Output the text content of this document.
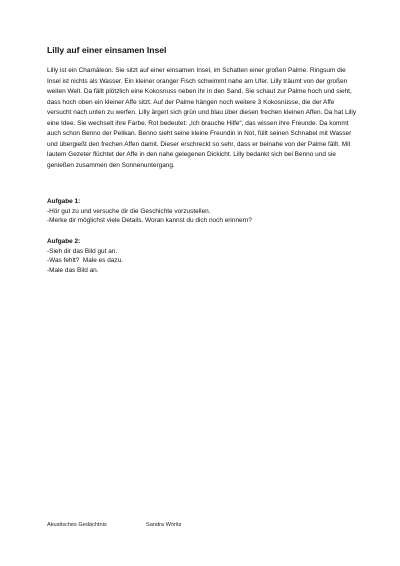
Lilly auf einer einsamen Insel

Lilly ist ein Chamäleon. Sie sitzt auf einer einsamen Insel, im Schatten einer großen Palme. Ringsum die Insel ist nichts als Wasser. Ein kleiner oranger Fisch schwimmt nahe am Ufer. Lilly träumt von der großen weiten Welt. Da fällt plötzlich eine Kokosnuss neben ihr in den Sand. Sie schaut zur Palme hoch und sieht, dass hoch oben ein kleiner Affe sitzt. Auf der Palme hängen noch weitere 3 Kokosnüsse, die der Affe versucht nach unten zu werfen. Lilly ärgert sich grün und blau über diesen frechen kleinen Affen. Da hat Lilly eine Idee. Sie wechselt ihre Farbe. Rot bedeutet: „Ich brauche Hilfe“, das wissen ihre Freunde. Da kommt auch schon Benno der Pelikan. Benno sieht seine kleine Freundin in Not, füllt seinen Schnabel mit Wasser und übergießt den frechen Affen damit. Dieser erschreckt so sehr, dass er beinahe von der Palme fällt. Mit lautem Gezeter flüchtet der Affe in den nahe gelegenen Dickicht. Lilly bedankt sich bei Benno und sie genießen zusammen den Sonnenuntergang.

Aufgabe 1:
-Hör gut zu und versuche dir die Geschichte vorzustellen.
-Merke dir möglichst viele Details. Woran kannst du dich noch erinnern?
Aufgabe 2:
-Sieh dir das Bild gut an.
-Was fehlt?  Male es dazu.
-Male das Bild an.
Akustisches Gedächtnis	Sandra Wöritz
